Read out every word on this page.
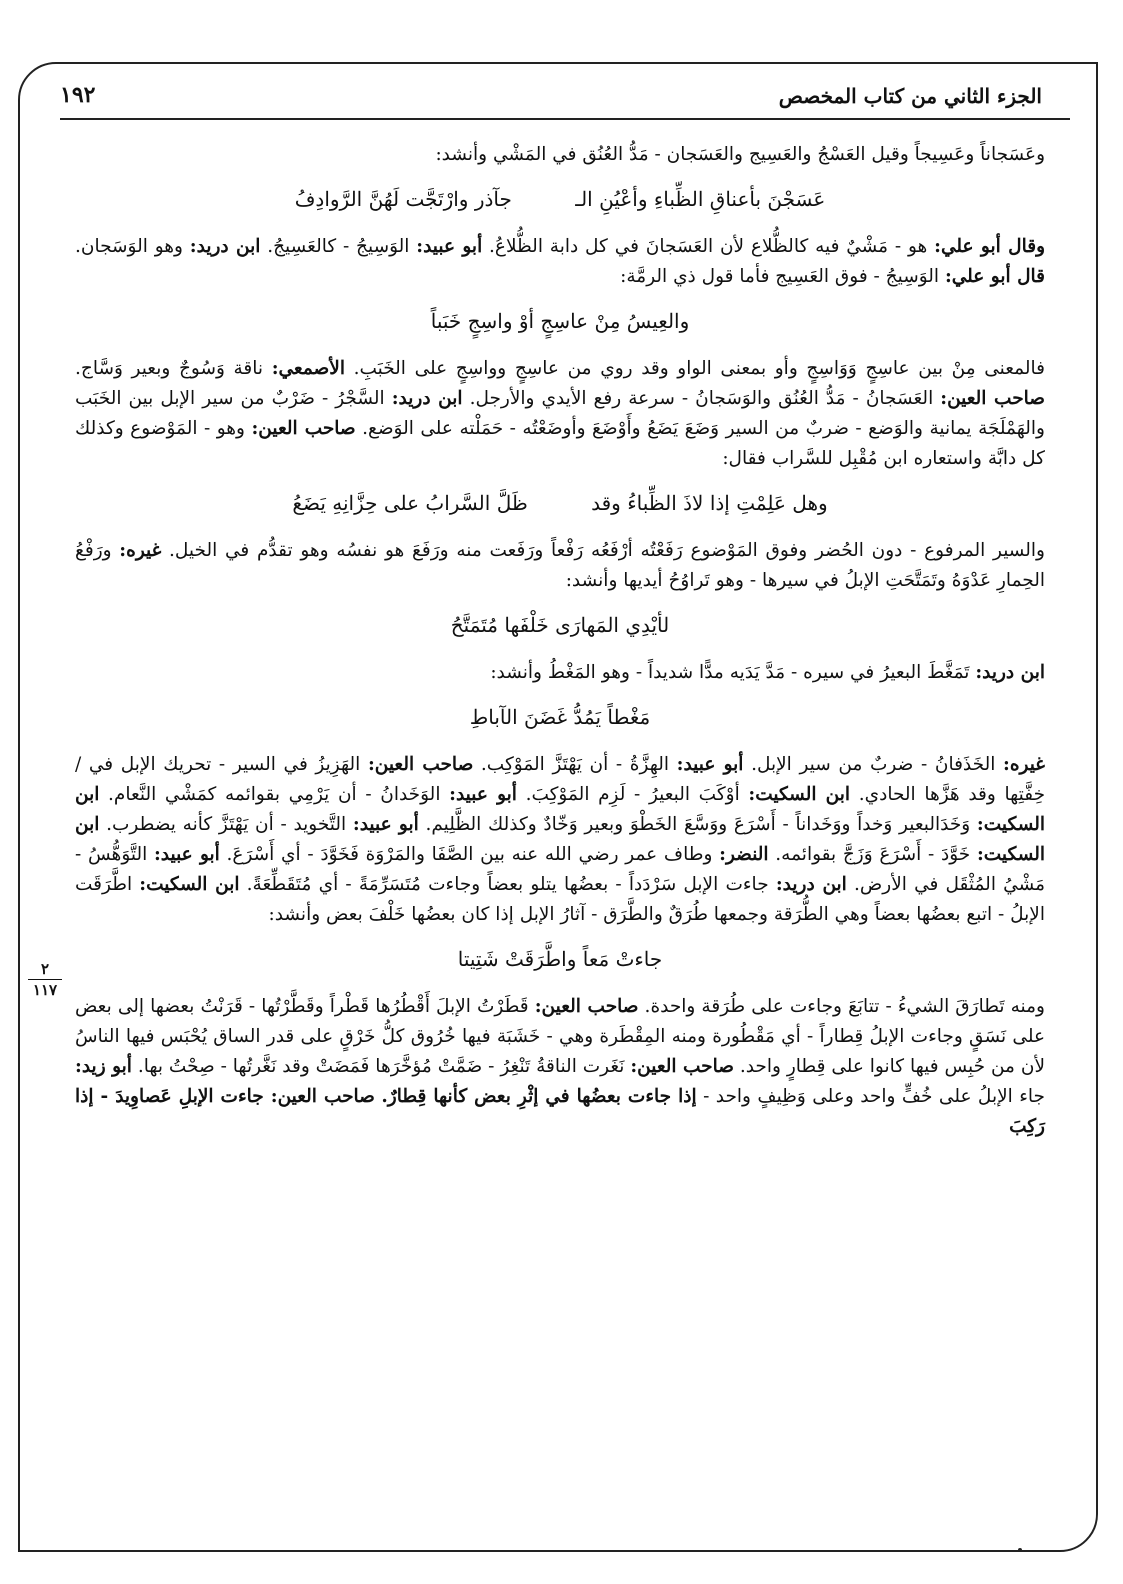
الجزء الثاني من كتاب المخصص
١٩٢
٢
١١٧

وعَسَجاناً وعَسِيجاً وقيل العَسْجُ والعَسِيج والعَسَجان - مَدُّ العُنُق في المَشْي وأنشد:

عَسَجْنَ بأعناقِ الظِّباءِ وأعْيُنِ الـ جآذر وارْتَجَّت لَهُنَّ الرَّوادِفُ

وقال أبو علي: هو - مَشْيٌ فيه كالظُّلاع لأن العَسَجانَ في كل دابة الظُّلاعُ. أبو عبيد: الوَسِيجُ - كالعَسِيجُ. ابن دريد: وهو الوَسَجان. قال أبو علي: الوَسِيجُ - فوق العَسِيج فأما قول ذي الرمَّة:

والعِيسُ مِنْ عاسِجٍ أوْ واسِجٍ خَبَباً

فالمعنى مِنْ بين عاسِجٍ وَوَاسِجٍ وأو بمعنى الواو وقد روي من عاسِجٍ وواسِجٍ على الخَبَبِ. الأصمعي: ناقة وَسُوجٌ وبعير وَسَّاج. صاحب العين: العَسَجانُ - مَدُّ العُنُق والوَسَجانُ - سرعة رفع الأيدي والأرجل. ابن دريد: السَّجْرُ - ضَرْبٌ من سير الإبل بين الخَبَب والهَمْلَجَة يمانية والوَضع - ضربٌ من السير وَضَعَ يَضَعُ وأَوْضَعَ وأوضَعْتُه - حَمَلْته على الوَضع. صاحب العين: وهو - المَوْضوع وكذلك كل دابَّة واستعاره ابن مُقْبِل للسَّراب فقال:

وهل عَلِمْتِ إذا لاذَ الظِّباءُ وقد ظَلَّ السَّرابُ على حِزَّانِهِ يَضَعُ

والسير المرفوع - دون الحُضر وفوق المَوْضوع رَفَعْتُه أرْفَعُه رَفْعاً ورَفَعت منه ورَفَعَ هو نفسُه وهو تقدُّم في الخيل. غيره: ورَفْعُ الحِمارِ عَدْوَهُ وتَمَتَّحَتِ الإبلُ في سيرها - وهو تَراوُحُ أيديها وأنشد:

لأيْدِي المَهارَى خَلْفَها مُتَمَتَّحُ

ابن دريد: تَمَغَّطَ البعيرُ في سيره - مَدَّ يَدَيه مدًّا شديداً - وهو المَغْطُ وأنشد:

مَغْطاً يَمُدُّ غَضَنَ الآباطِ

غيره: الخَذَفانُ - ضربٌ من سير الإبل. أبو عبيد: الهِزَّةُ - أن يَهْتَزَّ المَوْكِب. صاحب العين: الهَزِيزُ في السير - تحريك الإبل في / خِفَّتِها وقد هَزَّها الحادي. ابن السكيت: أوْكَبَ البعيرُ - لَزِم المَوْكِبَ. أبو عبيد: الوَخَدانُ - أن يَرْمِي بقوائمه كمَشْي النَّعام. ابن السكيت: وَخَدَالبعير وَخداً ووَخَداناً - أَسْرَعَ ووَسَّعَ الخَطْوَ وبعير وَخّادٌ وكذلك الظَّلِيم. أبو عبيد: التَّخويد - أن يَهْتَزَّ كأنه يضطرب. ابن السكيت: خَوَّدَ - أَسْرَعَ وَزَجَّ بقوائمه. النضر: وطاف عمر رضي الله عنه بين الصَّفَا والمَرْوَة فَخَوَّدَ - أي أَسْرَعَ. أبو عبيد: التَّوَهُّسُ - مَشْيُ المُثْقَل في الأرض. ابن دريد: جاءت الإبل سَرْدَداً - بعضُها يتلو بعضاً وجاءت مُتَسَرِّمَةً - أي مُتَقَطِّعَةً. ابن السكيت: اطَّرَقَت الإبلُ - اتبع بعضُها بعضاً وهي الطُّرَقة وجمعها طُرَقٌ والطَّرَق - آثارُ الإبل إذا كان بعضُها خَلْفَ بعض وأنشد:

جاءتْ مَعاً واطَّرَقَتْ شَتِيتا

ومنه تَطارَقَ الشيءُ - تتابَعَ وجاءت على طُرَقة واحدة. صاحب العين: قَطَرْتُ الإبلَ أَقْطُرُها قَطْراً وقَطَّرْتُها - قَرَنْتُ بعضها إلى بعض على نَسَقٍ وجاءت الإبلُ قِطاراً - أي مَقْطُورة ومنه المِقْطَرة وهي - خَشَبَة فيها خُرُوق كلُّ خَرْقٍ على قدر الساق يُحْبَس فيها الناسُ لأن من حُبِس فيها كانوا على قِطارٍ واحد. صاحب العين: نَغَرت الناقةُ تَنْغِرُ - ضَمَّتْ مُؤخَّرَها فَمَضَتْ وقد نَغَّرتُها - صِحْتُ بها. أبو زيد: جاء الإبلُ على خُفٍّ واحد وعلى وَظِيفٍ واحد - إذا جاءت بعضُها في إثْرِ بعض كأنها قِطارٌ. صاحب العين: جاءت الإبلِ عَصاوِيدَ - إذا رَكِبَ
